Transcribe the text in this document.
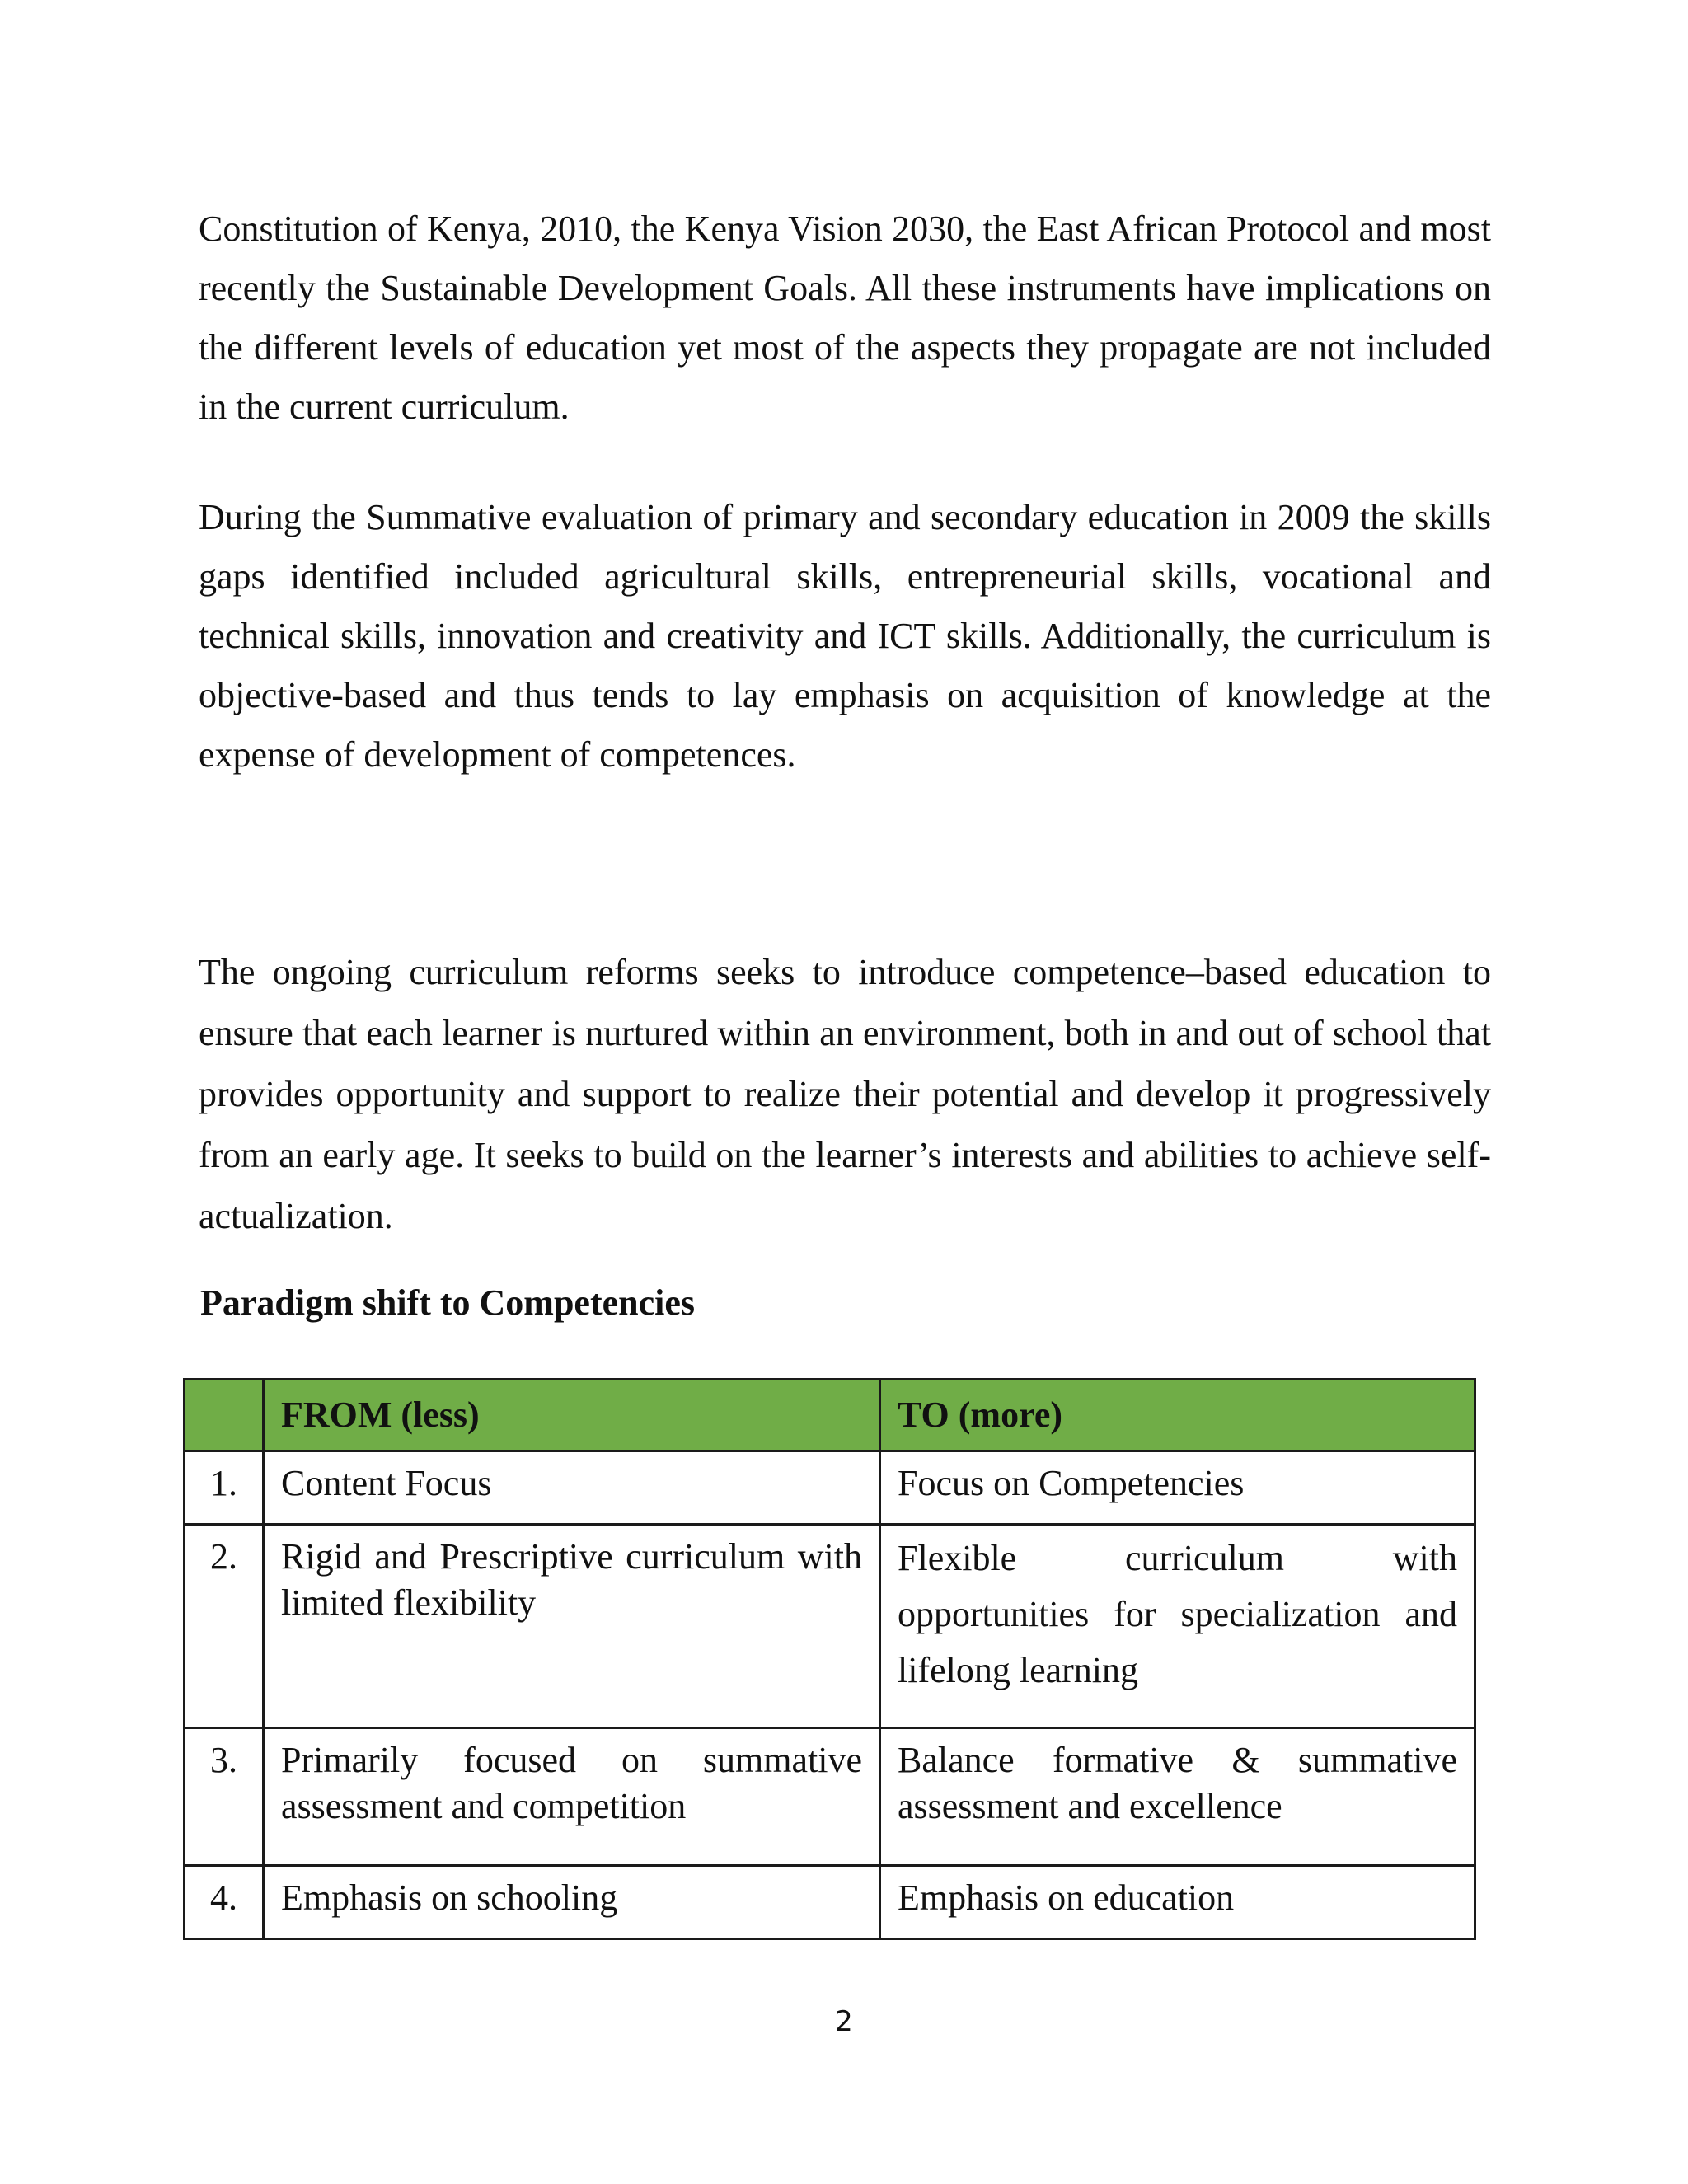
Constitution of Kenya, 2010, the Kenya Vision 2030, the East African Protocol and most recently the Sustainable Development Goals. All these instruments have implications on the different levels of education yet most of the aspects they propagate are not included in the current curriculum.

During the Summative evaluation of primary and secondary education in 2009 the skills gaps identified included agricultural skills, entrepreneurial skills, vocational and technical skills, innovation and creativity and ICT skills. Additionally, the curriculum is objective-based and thus tends to lay emphasis on acquisition of knowledge at the expense of development of competences.

The ongoing curriculum reforms seeks to introduce competence–based education to ensure that each learner is nurtured within an environment, both in and out of school that provides opportunity and support to realize their potential and develop it progressively from an early age. It seeks to build on the learner’s interests and abilities to achieve self-actualization.

Paradigm shift to Competencies
	FROM (less)	TO (more)
1.	Content Focus	Focus on Competencies
2.	Rigid and Prescriptive curriculum with limited flexibility	Flexible curriculum with opportunities for specialization and lifelong learning
3.	Primarily focused on summative assessment and competition	Balance formative & summative assessment and excellence
4.	Emphasis on schooling	Emphasis on education
2
